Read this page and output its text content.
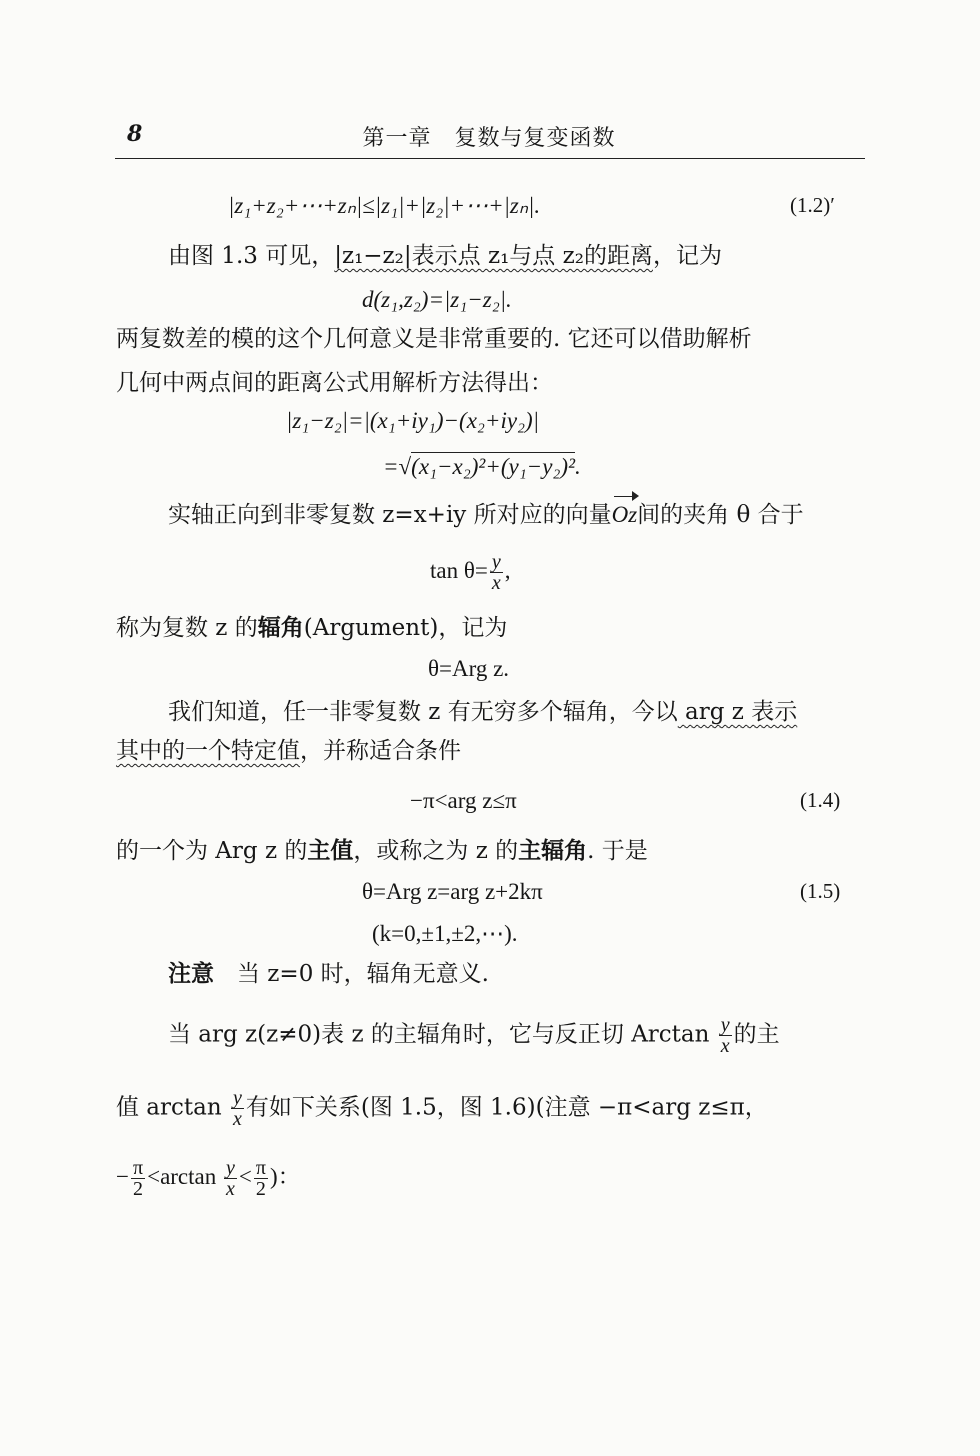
8	第一章　复数与复变函数
|z₁+z₂+⋯+zₙ|≤|z₁|+|z₂|+⋯+|zₙ|.	(1.2)′
由图 1.3 可见，|z₁−z₂|表示点 z₁与点 z₂的距离，记为
d(z₁,z₂)=|z₁−z₂|.
两复数差的模的这个几何意义是非常重要的. 它还可以借助解析
几何中两点间的距离公式用解析方法得出：
|z₁−z₂|=|(x₁+iy₁)−(x₂+iy₂)|
=√(x₁−x₂)²+(y₁−y₂)².
实轴正向到非零复数 z=x+iy 所对应的向量Oz间的夹角 θ 合于
$\tan \theta= \frac{y}{x}$ ,
称为复数 z 的辐角(Argument)，记为
θ=Arg z.
我们知道，任一非零复数 z 有无穷多个辐角，今以 arg z 表示
其中的一个特定值，并称适合条件
−π<arg z≤π	(1.4)
的一个为 Arg z 的主值，或称之为 z 的主辐角. 于是
θ=Arg z=arg z+2kπ	(1.5)
(k=0,±1,±2,⋯).
注意　当 z=0 时，辐角无意义.
当 arg z(z≠0)表 z 的主辐角时，它与反正切 Arctan $\frac{y}{x}$ 的主
值 $\arctan \frac{y}{x}$ 有如下关系(图 1.5，图 1.6)(注意 −π<arg z≤π，
− $\frac{\pi}{2} <\arctan \frac{y}{x} < \frac{\pi}{2}$ )：
